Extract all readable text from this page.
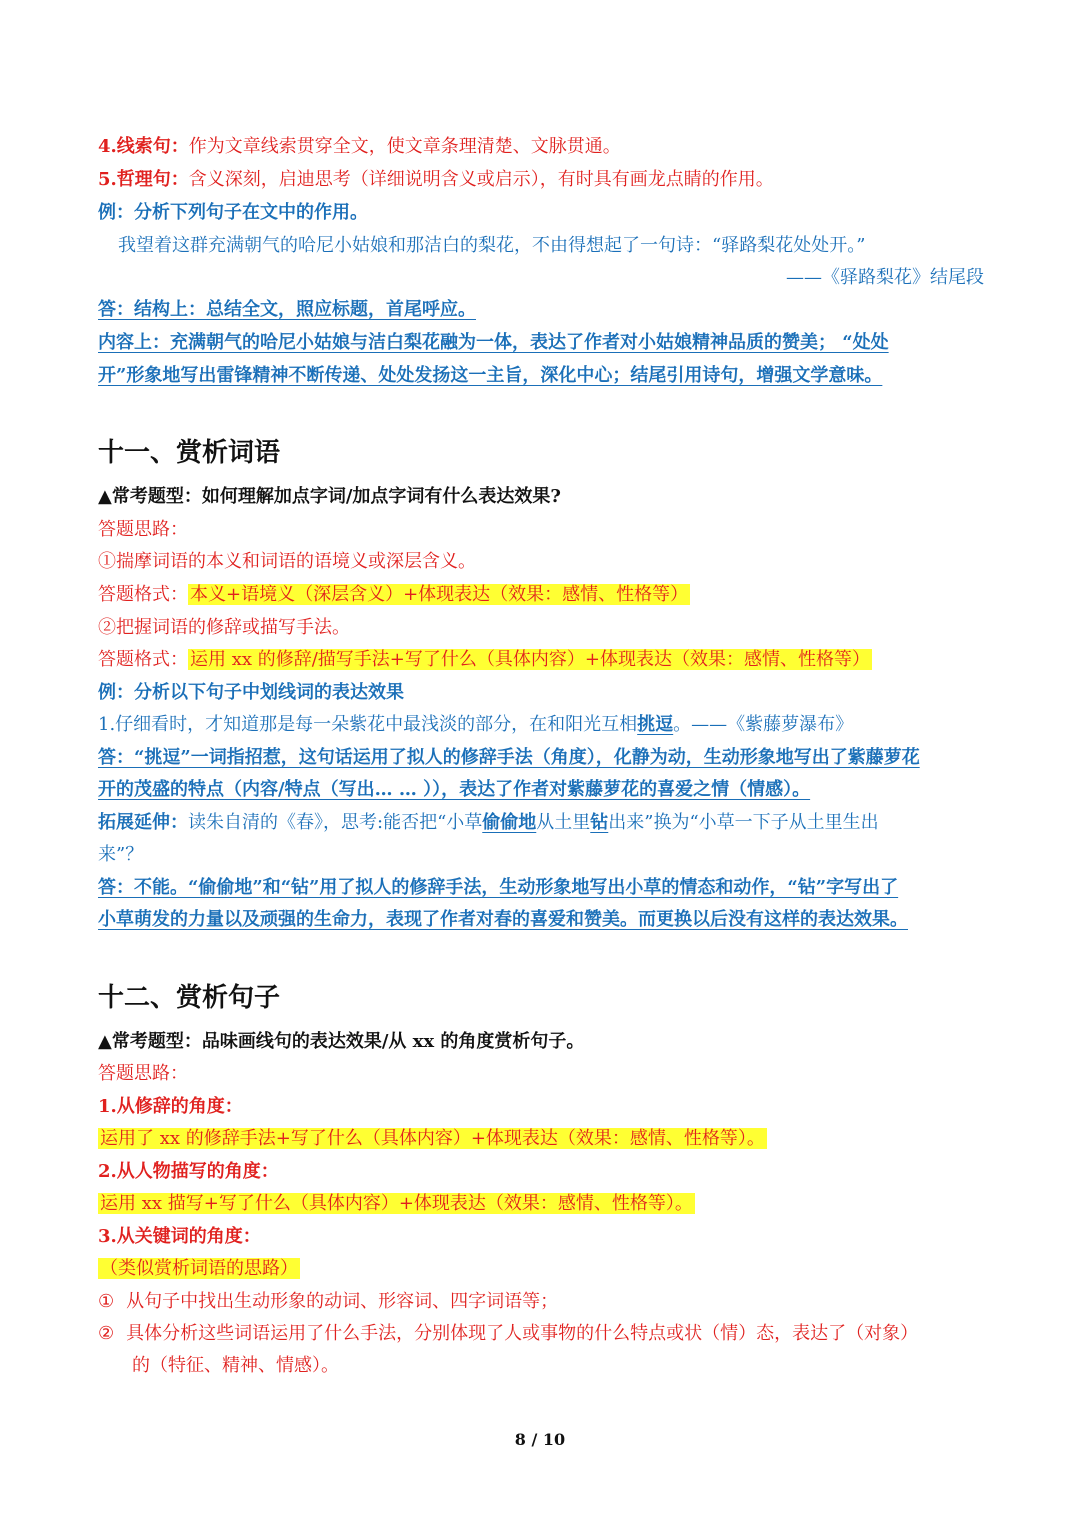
4.线索句：作为文章线索贯穿全文，使文章条理清楚、文脉贯通。
5.哲理句：含义深刻，启迪思考（详细说明含义或启示），有时具有画龙点睛的作用。
例：分析下列句子在文中的作用。
我望着这群充满朝气的哈尼小姑娘和那洁白的梨花，不由得想起了一句诗：“驿路梨花处处开。”
——《驿路梨花》结尾段
答：结构上：总结全文，照应标题，首尾呼应。
内容上：充满朝气的哈尼小姑娘与洁白梨花融为一体，表达了作者对小姑娘精神品质的赞美； “处处
开”形象地写出雷锋精神不断传递、处处发扬这一主旨，深化中心；结尾引用诗句，增强文学意味。
十一、赏析词语
▲常考题型：如何理解加点字词/加点字词有什么表达效果?
答题思路：
①揣摩词语的本义和词语的语境义或深层含义。
答题格式： 本义+语境义（深层含义）+体现表达（效果：感情、性格等）
②把握词语的修辞或描写手法。
答题格式： 运用 xx 的修辞/描写手法+写了什么（具体内容）+体现表达（效果：感情、性格等）
例：分析以下句子中划线词的表达效果
1.仔细看时，才知道那是每一朵紫花中最浅淡的部分，在和阳光互相挑逗。——《紫藤萝瀑布》
答：“挑逗”一词指招惹，这句话运用了拟人的修辞手法（角度），化静为动，生动形象地写出了紫藤萝花
开的茂盛的特点（内容/特点（写出… … ）），表达了作者对紫藤萝花的喜爱之情（情感）。
拓展延伸：读朱自清的《春》，思考:能否把“小草偷偷地从土里钻出来”换为“小草一下子从土里生出
来”？
答：不能。“偷偷地”和“钻”用了拟人的修辞手法，生动形象地写出小草的情态和动作，“钻”字写出了
小草萌发的力量以及顽强的生命力，表现了作者对春的喜爱和赞美。而更换以后没有这样的表达效果。
十二、赏析句子
▲常考题型：品味画线句的表达效果/从 xx 的角度赏析句子。
答题思路：
1.从修辞的角度：
运用了 xx 的修辞手法+写了什么（具体内容）+体现表达（效果：感情、性格等）。
2.从人物描写的角度：
运用 xx 描写+写了什么（具体内容）+体现表达（效果：感情、性格等）。
3.从关键词的角度：
（类似赏析词语的思路）
① 从句子中找出生动形象的动词、形容词、四字词语等；
② 具体分析这些词语运用了什么手法，分别体现了人或事物的什么特点或状（情）态，表达了（对象）
的（特征、精神、情感）。
8 / 10
